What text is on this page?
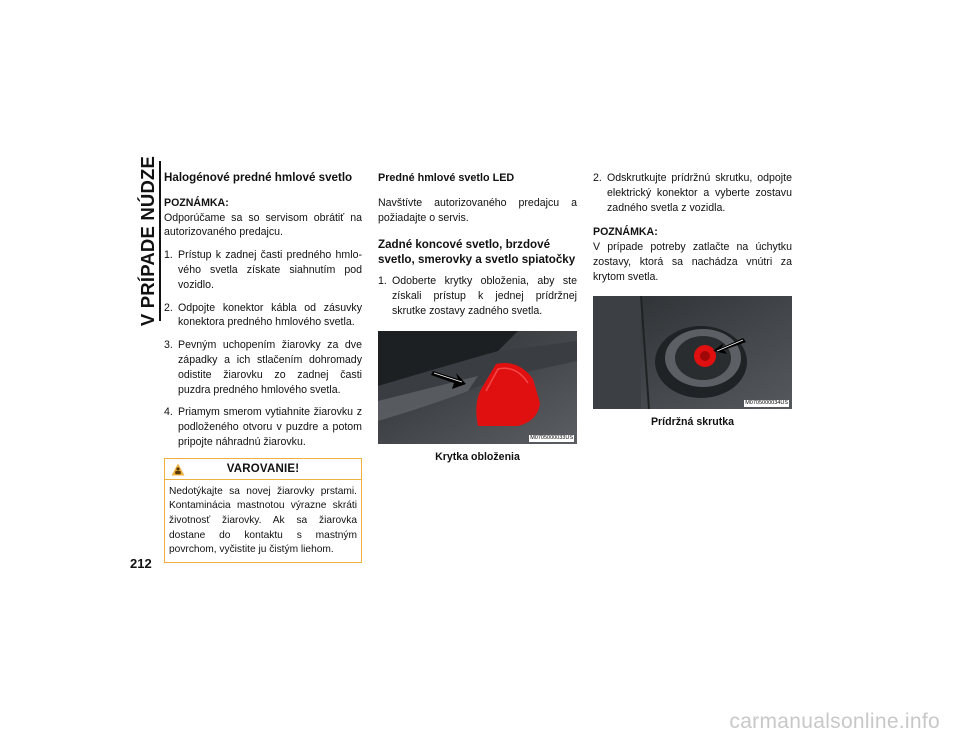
V PRÍPADE NÚDZE
212
Halogénové predné hmlové svetlo
POZNÁMKA:
Odporúčame sa so servisom obrátiť na autorizovaného predajcu.
1. Prístup k zadnej časti predného hmlo-vého svetla získate siahnutím pod vozidlo.
2. Odpojte konektor kábla od zásuvky konektora predného hmlového svetla.
3. Pevným uchopením žiarovky za dve západky a ich stlačením dohromady odistite žiarovku zo zadnej časti puzdra predného hmlového svetla.
4. Priamym smerom vytiahnite žiarovku z podloženého otvoru v puzdre a potom pripojte náhradnú žiarovku.
VAROVANIE!
Nedotýkajte sa novej žiarovky prstami. Kontaminácia mastnotou výrazne skráti životnosť žiarovky. Ak sa žiarovka dostane do kontaktu s mastným povrchom, vyčistite ju čistým liehom.
Predné hmlové svetlo LED
Navštívte autorizovaného predajcu a požiadajte o servis.
Zadné koncové svetlo, brzdové svetlo, smerovky a svetlo spiatočky
1. Odoberte krytky obloženia, aby ste získali prístup k jednej prídržnej skrutke zostavy zadného svetla.
M0705000033US
Krytka obloženia
2. Odskrutkujte prídržnú skrutku, odpojte elektrický konektor a vyberte zostavu zadného svetla z vozidla.
POZNÁMKA:
V prípade potreby zatlačte na úchytku zostavy, ktorá sa nachádza vnútri za krytom svetla.
M0705000034US
Prídržná skrutka
carmanualsonline.info
